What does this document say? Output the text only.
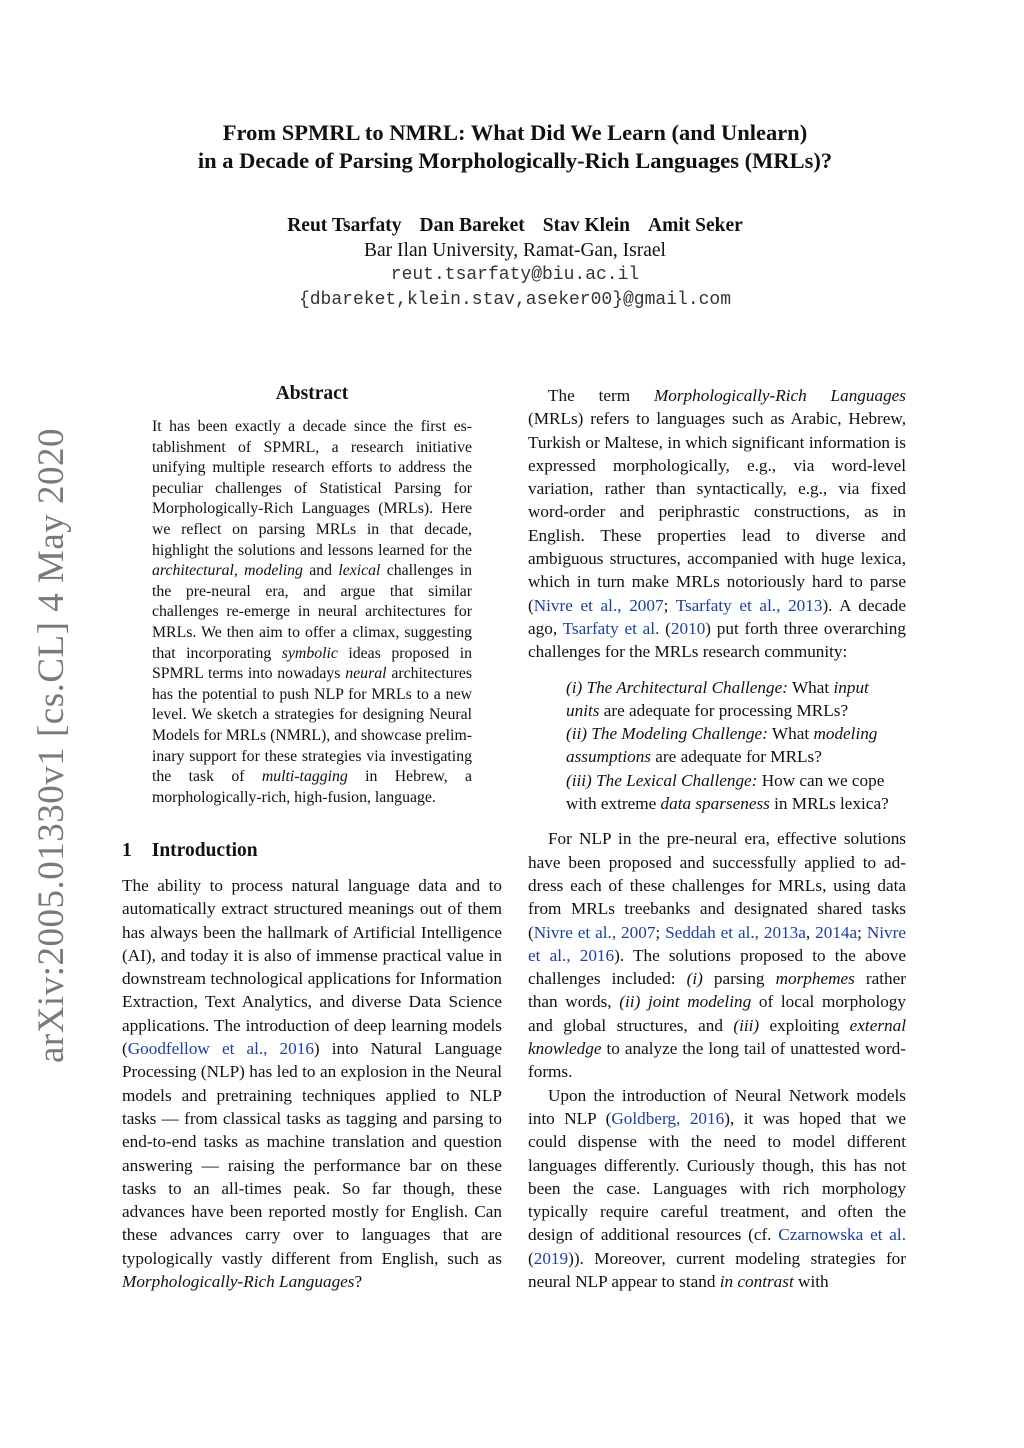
arXiv:2005.01330v1 [cs.CL] 4 May 2020
From SPMRL to NMRL: What Did We Learn (and Unlearn)
in a Decade of Parsing Morphologically-Rich Languages (MRLs)?
Reut Tsarfaty Dan Bareket Stav Klein Amit Seker
Bar Ilan University, Ramat-Gan, Israel
reut.tsarfaty@biu.ac.il
{dbareket,klein.stav,aseker00}@gmail.com
Abstract

It has been exactly a decade since the first establishment of SPMRL, a research initiative unifying multiple research efforts to address the peculiar challenges of Statistical Parsing for Morphologically-Rich Languages (MRLs). Here we reflect on parsing MRLs in that decade, highlight the solutions and lessons learned for the architectural, modeling and lexical challenges in the pre-neural era, and argue that similar challenges re-emerge in neural architectures for MRLs. We then aim to offer a climax, suggesting that incorporating symbolic ideas proposed in SPMRL terms into nowadays neural architectures has the potential to push NLP for MRLs to a new level. We sketch a strategies for designing Neural Models for MRLs (NMRL), and showcase preliminary support for these strategies via investigating the task of multi-tagging in Hebrew, a morphologically-rich, high-fusion, language.

1 Introduction

The ability to process natural language data and to automatically extract structured meanings out of them has always been the hallmark of Artificial Intelligence (AI), and today it is also of immense practical value in downstream technological applications for Information Extraction, Text Analytics, and diverse Data Science applications. The introduction of deep learning models (Goodfellow et al., 2016) into Natural Language Processing (NLP) has led to an explosion in the Neural models and pretraining techniques applied to NLP tasks — from classical tasks as tagging and parsing to end-to-end tasks as machine translation and question answering — raising the performance bar on these tasks to an all-times peak. So far though, these advances have been reported mostly for English. Can these advances carry over to languages that are typologically vastly different from English, such as Morphologically-Rich Languages?

The term Morphologically-Rich Languages (MRLs) refers to languages such as Arabic, Hebrew, Turkish or Maltese, in which significant information is expressed morphologically, e.g., via word-level variation, rather than syntactically, e.g., via fixed word-order and periphrastic constructions, as in English. These properties lead to diverse and ambiguous structures, accompanied with huge lexica, which in turn make MRLs notoriously hard to parse (Nivre et al., 2007; Tsarfaty et al., 2013). A decade ago, Tsarfaty et al. (2010) put forth three overarching challenges for the MRLs research community:

(i) The Architectural Challenge: What input units are adequate for processing MRLs?
(ii) The Modeling Challenge: What modeling assumptions are adequate for MRLs?
(iii) The Lexical Challenge: How can we cope with extreme data sparseness in MRLs lexica?

For NLP in the pre-neural era, effective solutions have been proposed and successfully applied to address each of these challenges for MRLs, using data from MRLs treebanks and designated shared tasks (Nivre et al., 2007; Seddah et al., 2013a, 2014a; Nivre et al., 2016). The solutions proposed to the above challenges included: (i) parsing morphemes rather than words, (ii) joint modeling of local morphology and global structures, and (iii) exploiting external knowledge to analyze the long tail of unattested word-forms.

Upon the introduction of Neural Network models into NLP (Goldberg, 2016), it was hoped that we could dispense with the need to model different languages differently. Curiously though, this has not been the case. Languages with rich morphology typically require careful treatment, and often the design of additional resources (cf. Czarnowska et al. (2019)). Moreover, current modeling strategies for neural NLP appear to stand in contrast with
